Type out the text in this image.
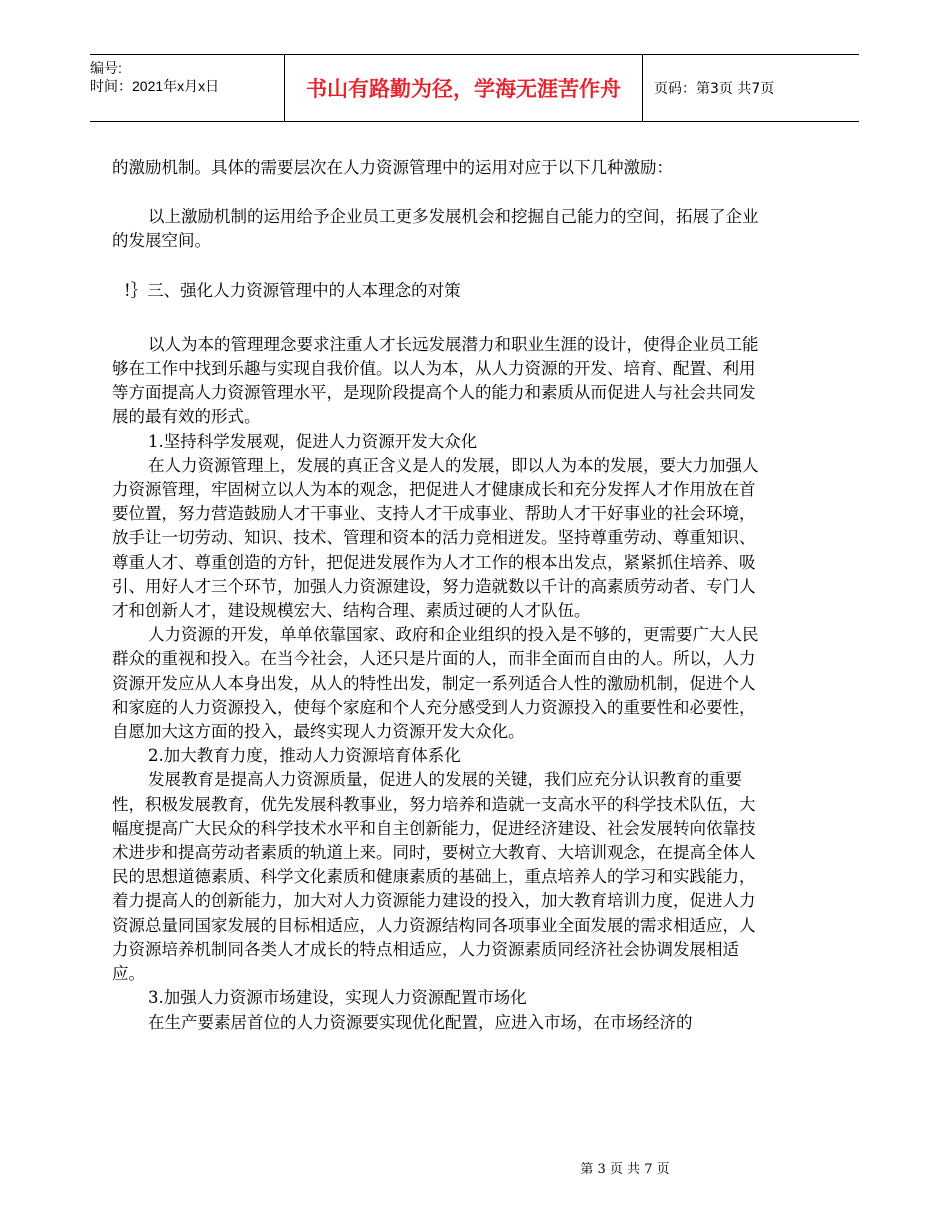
编号:
时间：2021年x月x日	书山有路勤为径，学海无涯苦作舟	页码：第3页 共7页

的激励机制。具体的需要层次在人力资源管理中的运用对应于以下几种激励：

以上激励机制的运用给予企业员工更多发展机会和挖掘自己能力的空间，拓展了企业的发展空间。

!｝三、强化人力资源管理中的人本理念的对策

以人为本的管理理念要求注重人才长远发展潜力和职业生涯的设计，使得企业员工能够在工作中找到乐趣与实现自我价值。以人为本，从人力资源的开发、培育、配置、利用等方面提高人力资源管理水平，是现阶段提高个人的能力和素质从而促进人与社会共同发展的最有效的形式。

1.坚持科学发展观，促进人力资源开发大众化

在人力资源管理上，发展的真正含义是人的发展，即以人为本的发展，要大力加强人力资源管理，牢固树立以人为本的观念，把促进人才健康成长和充分发挥人才作用放在首要位置，努力营造鼓励人才干事业、支持人才干成事业、帮助人才干好事业的社会环境，放手让一切劳动、知识、技术、管理和资本的活力竞相迸发。坚持尊重劳动、尊重知识、尊重人才、尊重创造的方针，把促进发展作为人才工作的根本出发点，紧紧抓住培养、吸引、用好人才三个环节，加强人力资源建设，努力造就数以千计的高素质劳动者、专门人才和创新人才，建设规模宏大、结构合理、素质过硬的人才队伍。

人力资源的开发，单单依靠国家、政府和企业组织的投入是不够的，更需要广大人民群众的重视和投入。在当今社会，人还只是片面的人，而非全面而自由的人。所以，人力资源开发应从人本身出发，从人的特性出发，制定一系列适合人性的激励机制，促进个人和家庭的人力资源投入，使每个家庭和个人充分感受到人力资源投入的重要性和必要性，自愿加大这方面的投入，最终实现人力资源开发大众化。

2.加大教育力度，推动人力资源培育体系化

发展教育是提高人力资源质量，促进人的发展的关键，我们应充分认识教育的重要性，积极发展教育，优先发展科教事业，努力培养和造就一支高水平的科学技术队伍，大幅度提高广大民众的科学技术水平和自主创新能力，促进经济建设、社会发展转向依靠技术进步和提高劳动者素质的轨道上来。同时，要树立大教育、大培训观念，在提高全体人民的思想道德素质、科学文化素质和健康素质的基础上，重点培养人的学习和实践能力，着力提高人的创新能力，加大对人力资源能力建设的投入，加大教育培训力度，促进人力资源总量同国家发展的目标相适应，人力资源结构同各项事业全面发展的需求相适应，人力资源培养机制同各类人才成长的特点相适应，人力资源素质同经济社会协调发展相适应。

3.加强人力资源市场建设，实现人力资源配置市场化

在生产要素居首位的人力资源要实现优化配置，应进入市场，在市场经济的

第 3 页 共 7 页
